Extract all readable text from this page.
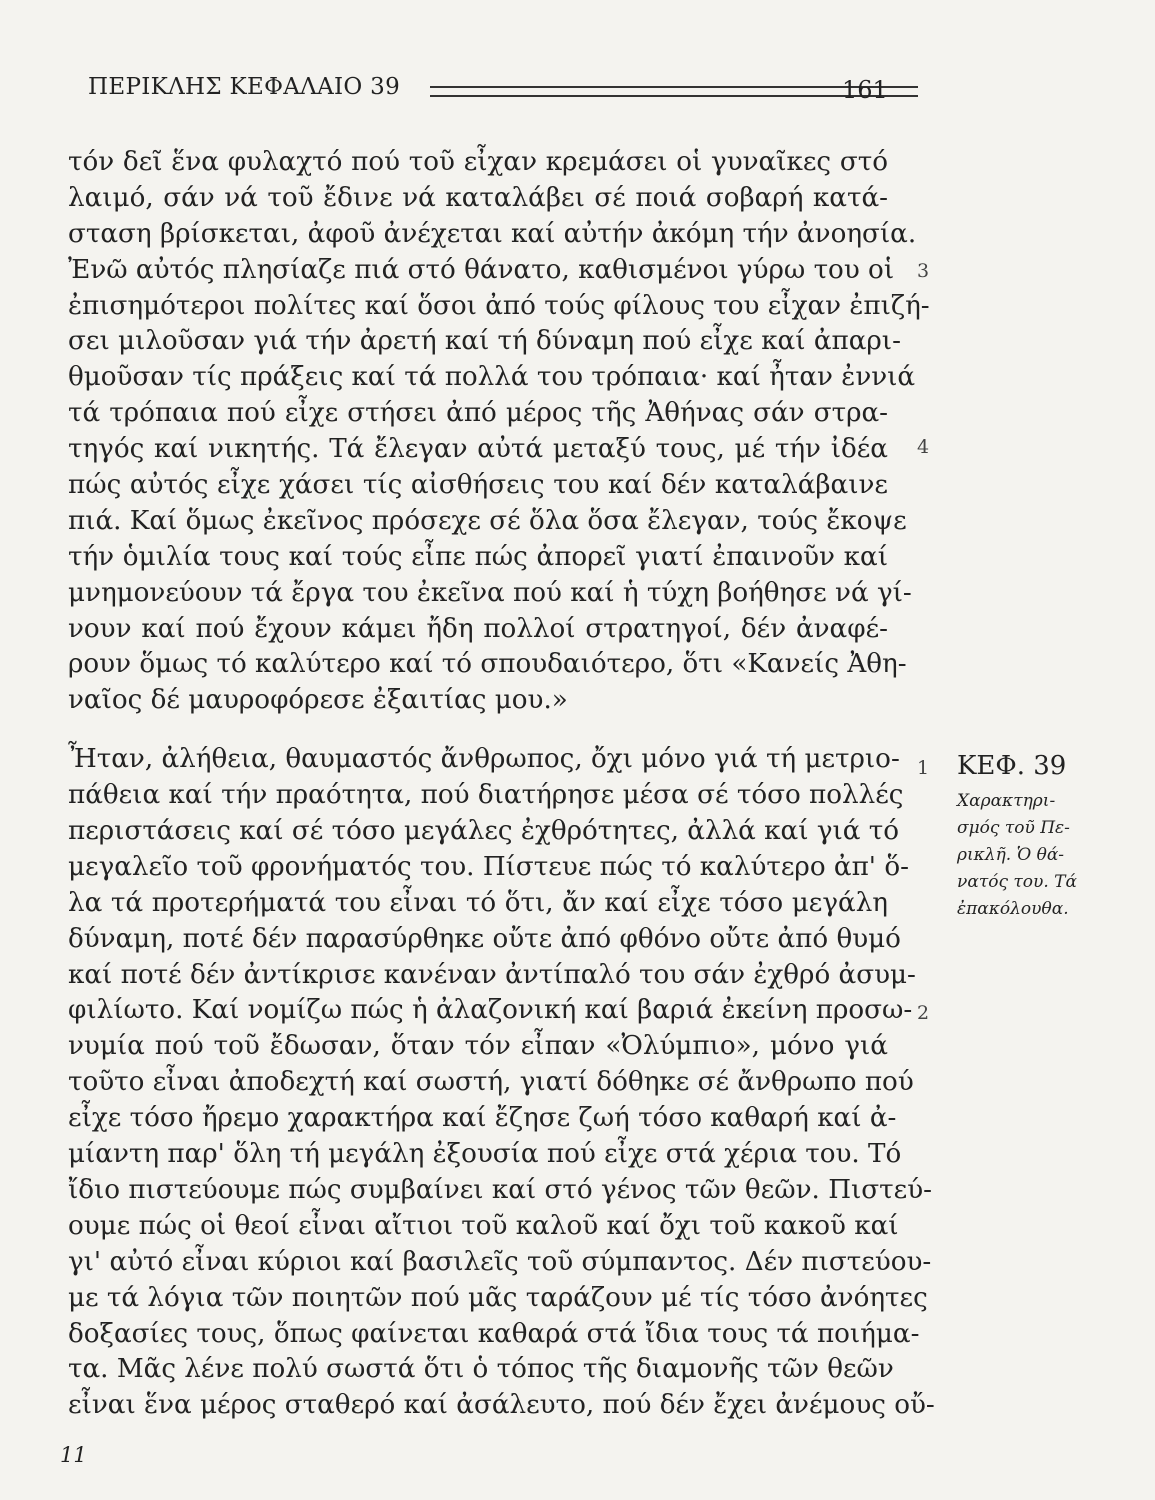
ΠΕΡΙΚΛΗΣ ΚΕΦΑΛΑΙΟ 39	161
τόν δεῖ ἕνα φυλαχτό πού τοῦ εἶχαν κρεμάσει οἱ γυναῖκες στό
λαιμό, σάν νά τοῦ ἔδινε νά καταλάβει σέ ποιά σοβαρή κατά-
σταση βρίσκεται, ἀφοῦ ἀνέχεται καί αὐτήν ἀκόμη τήν ἀνοησία.
Ἐνῶ αὐτός πλησίαζε πιά στό θάνατο, καθισμένοι γύρω του οἱ
ἐπισημότεροι πολίτες καί ὅσοι ἀπό τούς φίλους του εἶχαν ἐπιζή-
σει μιλοῦσαν γιά τήν ἀρετή καί τή δύναμη πού εἶχε καί ἀπαρι-
θμοῦσαν τίς πράξεις καί τά πολλά του τρόπαια· καί ἦταν ἐννιά
τά τρόπαια πού εἶχε στήσει ἀπό μέρος τῆς Ἀθήνας σάν στρα-
τηγός καί νικητής. Τά ἔλεγαν αὐτά μεταξύ τους, μέ τήν ἰδέα
πώς αὐτός εἶχε χάσει τίς αἰσθήσεις του καί δέν καταλάβαινε
πιά. Καί ὅμως ἐκεῖνος πρόσεχε σέ ὅλα ὅσα ἔλεγαν, τούς ἔκοψε
τήν ὁμιλία τους καί τούς εἶπε πώς ἀπορεῖ γιατί ἐπαινοῦν καί
μνημονεύουν τά ἔργα του ἐκεῖνα πού καί ἡ τύχη βοήθησε νά γί-
νουν καί πού ἔχουν κάμει ἤδη πολλοί στρατηγοί, δέν ἀναφέ-
ρουν ὅμως τό καλύτερο καί τό σπουδαιότερο, ὅτι «Κανείς Ἀθη-
ναῖος δέ μαυροφόρεσε ἐξαιτίας μου.»
Ἦταν, ἀλήθεια, θαυμαστός ἄνθρωπος, ὄχι μόνο γιά τή μετριο-
πάθεια καί τήν πραότητα, πού διατήρησε μέσα σέ τόσο πολλές
περιστάσεις καί σέ τόσο μεγάλες ἐχθρότητες, ἀλλά καί γιά τό
μεγαλεῖο τοῦ φρονήματός του. Πίστευε πώς τό καλύτερο ἀπ' ὅ-
λα τά προτερήματά του εἶναι τό ὅτι, ἄν καί εἶχε τόσο μεγάλη
δύναμη, ποτέ δέν παρασύρθηκε οὔτε ἀπό φθόνο οὔτε ἀπό θυμό
καί ποτέ δέν ἀντίκρισε κανέναν ἀντίπαλό του σάν ἐχθρό ἀσυμ-
φιλίωτο. Καί νομίζω πώς ἡ ἀλαζονική καί βαριά ἐκείνη προσω-
νυμία πού τοῦ ἔδωσαν, ὅταν τόν εἶπαν «Ὀλύμπιο», μόνο γιά
τοῦτο εἶναι ἀποδεχτή καί σωστή, γιατί δόθηκε σέ ἄνθρωπο πού
εἶχε τόσο ἤρεμο χαρακτήρα καί ἔζησε ζωή τόσο καθαρή καί ἀ-
μίαντη παρ' ὅλη τή μεγάλη ἐξουσία πού εἶχε στά χέρια του. Τό
ἴδιο πιστεύουμε πώς συμβαίνει καί στό γένος τῶν θεῶν. Πιστεύ-
ουμε πώς οἱ θεοί εἶναι αἴτιοι τοῦ καλοῦ καί ὄχι τοῦ κακοῦ καί
γι' αὐτό εἶναι κύριοι καί βασιλεῖς τοῦ σύμπαντος. Δέν πιστεύου-
με τά λόγια τῶν ποιητῶν πού μᾶς ταράζουν μέ τίς τόσο ἀνόητες
δοξασίες τους, ὅπως φαίνεται καθαρά στά ἴδια τους τά ποιήμα-
τα. Μᾶς λένε πολύ σωστά ὅτι ὁ τόπος τῆς διαμονῆς τῶν θεῶν
εἶναι ἕνα μέρος σταθερό καί ἀσάλευτο, πού δέν ἔχει ἀνέμους οὔ-
3
4
1
2
ΚΕΦ. 39
Χαρακτηρι-
σμός τοῦ Πε-
ρικλῆ. Ὁ θά-
νατός του. Τά
ἐπακόλουθα.
11
